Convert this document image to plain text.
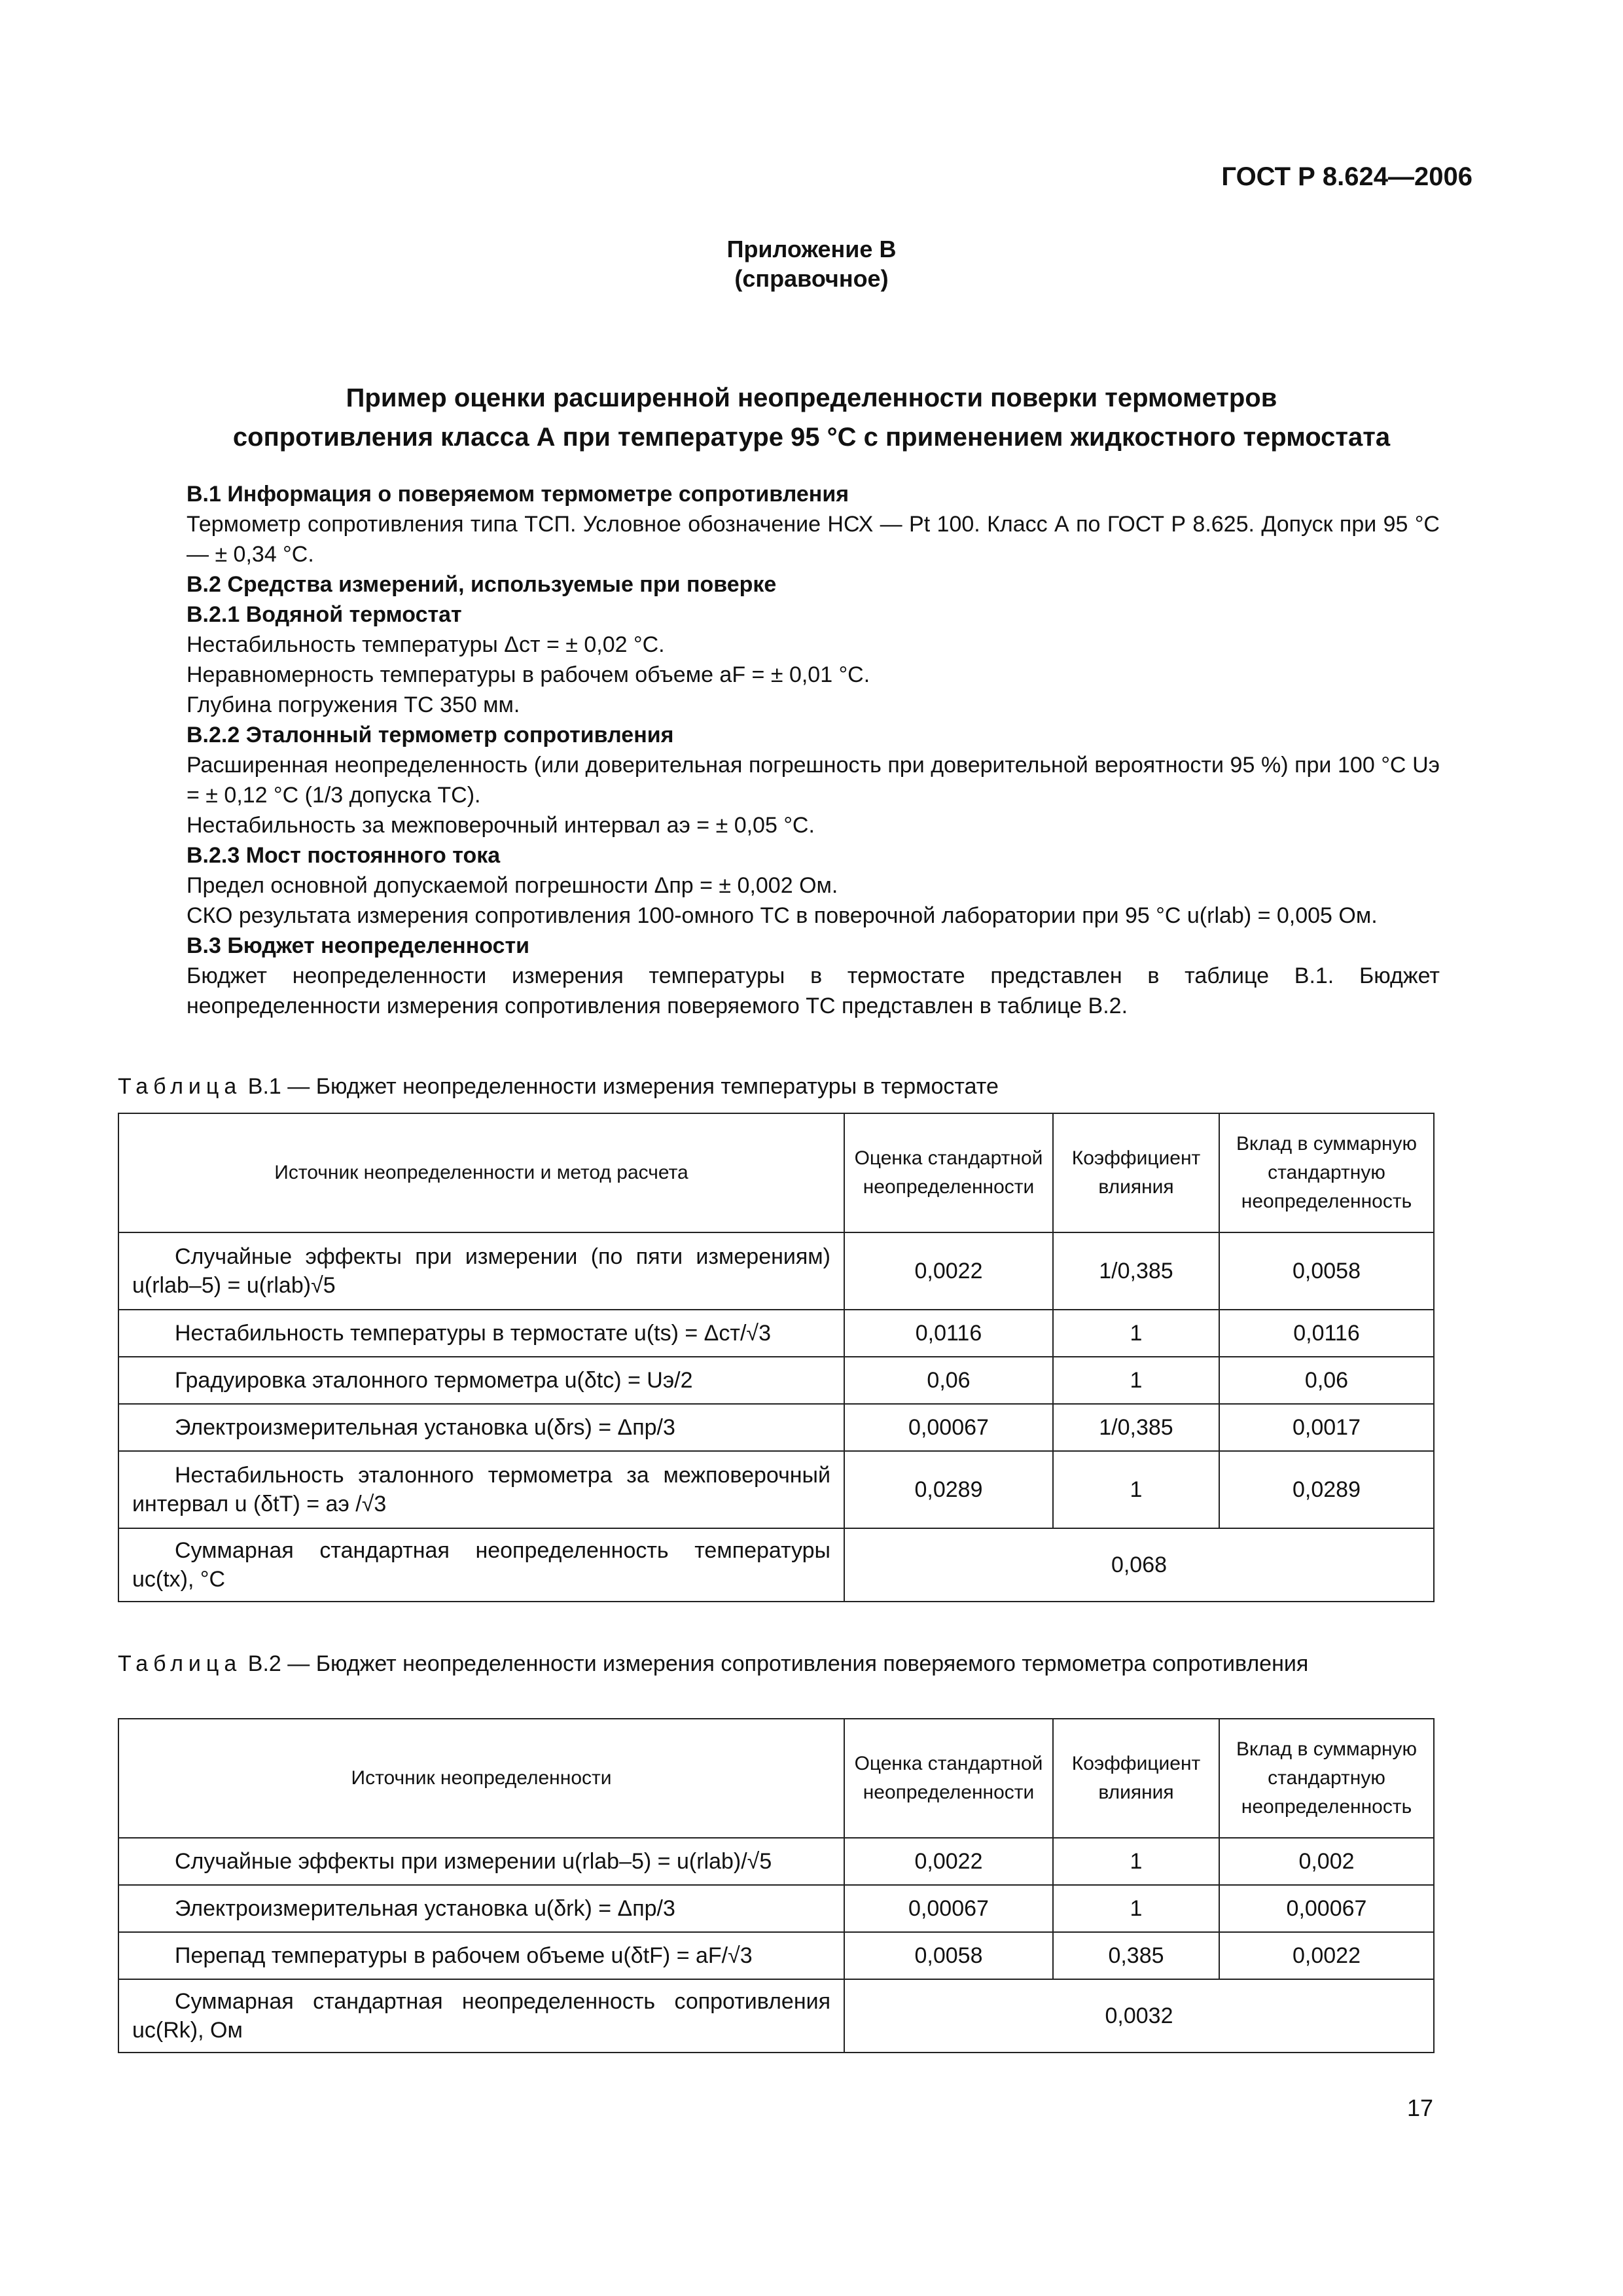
ГОСТ Р 8.624—2006
Приложение В
(справочное)
Пример оценки расширенной неопределенности поверки термометров
сопротивления класса А при температуре 95 °С с применением жидкостного термостата

В.1 Информация о поверяемом термометре сопротивления

Термометр сопротивления типа ТСП. Условное обозначение НСХ — Pt 100. Класс А по ГОСТ Р 8.625. Допуск при 95 °С — ± 0,34 °С.

В.2 Средства измерений, используемые при поверке

В.2.1 Водяной термостат

Нестабильность температуры Δст = ± 0,02 °С.

Неравномерность температуры в рабочем объеме aF = ± 0,01 °С.

Глубина погружения ТС 350 мм.

В.2.2 Эталонный термометр сопротивления

Расширенная неопределенность (или доверительная погрешность при доверительной вероятности 95 %) при 100 °С Uэ = ± 0,12 °С (1/3 допуска ТС).

Нестабильность за межповерочный интервал aэ = ± 0,05 °С.

В.2.3 Мост постоянного тока

Предел основной допускаемой погрешности Δпр = ± 0,002 Ом.

СКО результата измерения сопротивления 100-омного ТС в поверочной лаборатории при 95 °С u(rlab) = 0,005 Ом.

В.3 Бюджет неопределенности

Бюджет неопределенности измерения температуры в термостате представлен в таблице В.1. Бюджет неопределенности измерения сопротивления поверяемого ТС представлен в таблице В.2.

Таблица В.1 — Бюджет неопределенности измерения температуры в термостате
Источник неопределенности и метод расчета	Оценка стандартной неопределенности	Коэффициент влияния	Вклад в суммарную стандартную неопределенность
Случайные эффекты при измерении (по пяти измерениям) u(rlab–5) = u(rlab)√5	0,0022	1/0,385	0,0058
Нестабильность температуры в термостате u(ts) = Δст/√3	0,0116	1	0,0116
Градуировка эталонного термометра u(δtc) = Uэ/2	0,06	1	0,06
Электроизмерительная установка u(δrs) = Δпр/3	0,00067	1/0,385	0,0017
Нестабильность эталонного термометра за межповерочный интервал u (δtT) = aэ /√3	0,0289	1	0,0289
Суммарная стандартная неопределенность температуры uc(tx), °С	0,068		
Таблица В.2 — Бюджет неопределенности измерения сопротивления поверяемого термометра сопротивления
Источник неопределенности	Оценка стандартной неопределенности	Коэффициент влияния	Вклад в суммарную стандартную неопределенность
Случайные эффекты при измерении u(rlab–5) = u(rlab)/√5	0,0022	1	0,002
Электроизмерительная установка u(δrk) = Δпр/3	0,00067	1	0,00067
Перепад температуры в рабочем объеме u(δtF) = aF/√3	0,0058	0,385	0,0022
Суммарная стандартная неопределенность сопротивления uc(Rk), Ом	0,0032		
17
